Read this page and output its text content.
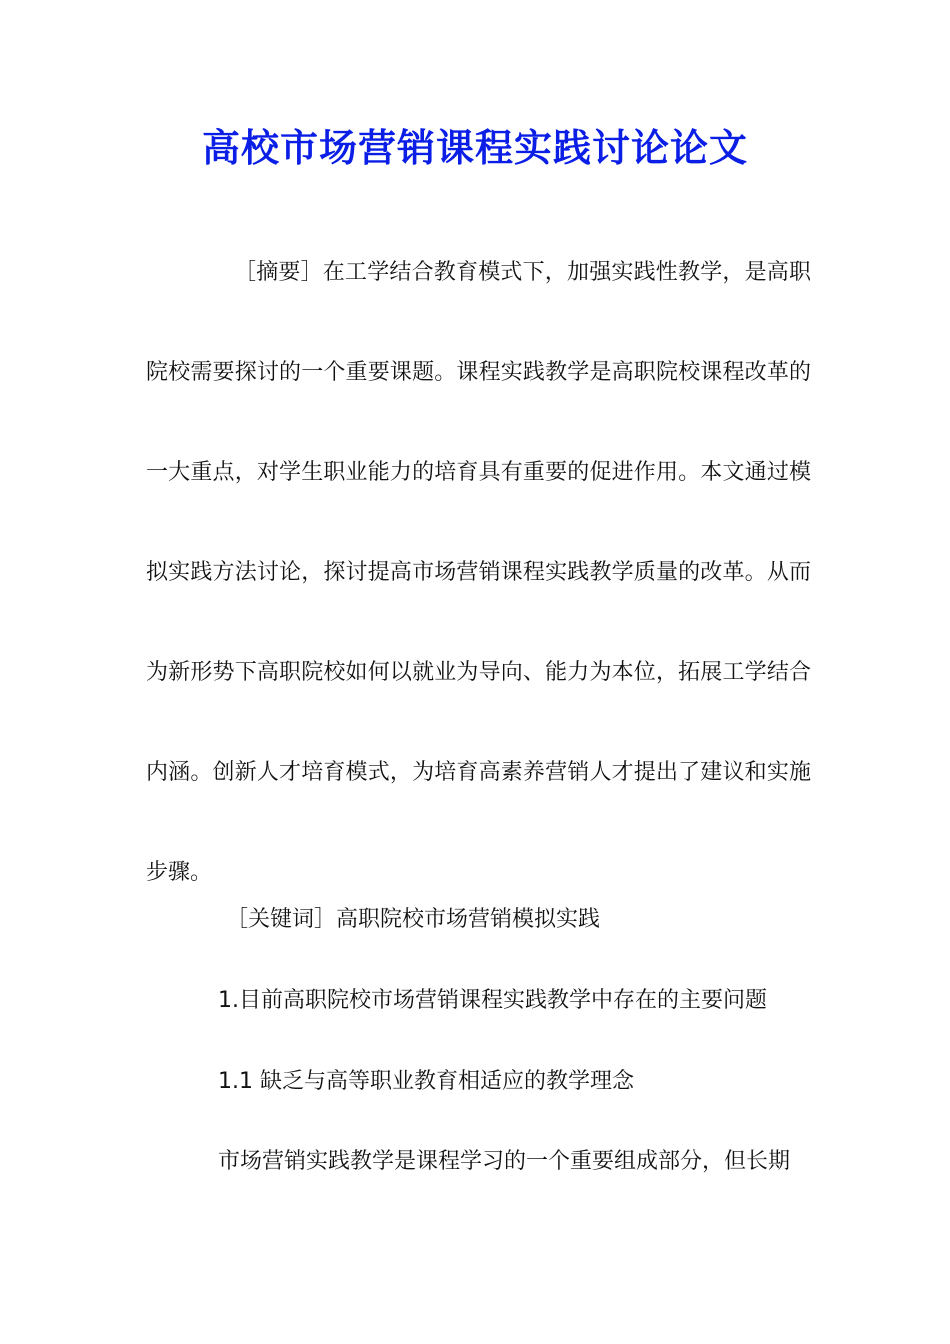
高校市场营销课程实践讨论论文

［摘要］在工学结合教育模式下，加强实践性教学，是高职院校需要探讨的一个重要课题。课程实践教学是高职院校课程改革的一大重点，对学生职业能力的培育具有重要的促进作用。本文通过模拟实践方法讨论，探讨提高市场营销课程实践教学质量的改革。从而为新形势下高职院校如何以就业为导向、能力为本位，拓展工学结合内涵。创新人才培育模式，为培育高素养营销人才提出了建议和实施步骤。

［关键词］高职院校市场营销模拟实践

1.目前高职院校市场营销课程实践教学中存在的主要问题

1.1 缺乏与高等职业教育相适应的教学理念

市场营销实践教学是课程学习的一个重要组成部分，但长期
